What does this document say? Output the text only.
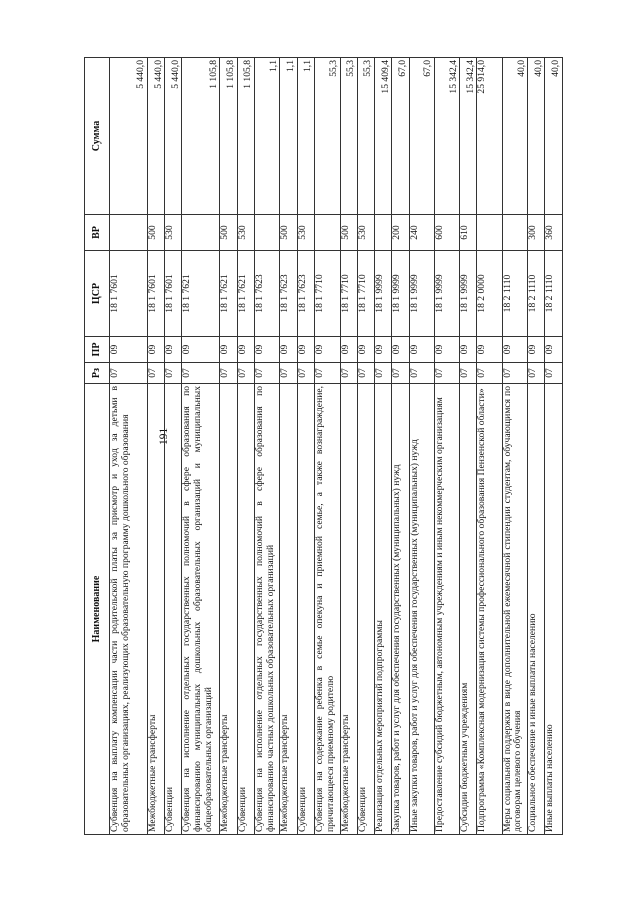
191
Наименование	Рз	ПР	ЦСР	ВР	Сумма
Субвенция на выплату компенсации части родительской платы за присмотр и уход за детьми в образовательных организациях, реализующих образовательную программу дошкольного образования	07	09	18 1 7601		5 440,0
Межбюджетные трансферты	07	09	18 1 7601	500	5 440,0
Субвенции	07	09	18 1 7601	530	5 440,0
Субвенция на исполнение отдельных государственных полномочий в сфере образования по финансированию муниципальных дошкольных образовательных организаций и муниципальных общеобразовательных организаций	07	09	18 1 7621		1 105,8
Межбюджетные трансферты	07	09	18 1 7621	500	1 105,8
Субвенции	07	09	18 1 7621	530	1 105,8
Субвенция на исполнение отдельных государственных полномочий в сфере образования по финансированию частных дошкольных образовательных организаций	07	09	18 1 7623		1,1
Межбюджетные трансферты	07	09	18 1 7623	500	1,1
Субвенции	07	09	18 1 7623	530	1,1
Субвенция на содержание ребенка в семье опекуна и приемной семье, а также вознаграждение, причитающееся приемному родителю	07	09	18 1 7710		55,3
Межбюджетные трансферты	07	09	18 1 7710	500	55,3
Субвенции	07	09	18 1 7710	530	55,3
Реализация отдельных мероприятий подпрограммы	07	09	18 1 9999		15 409,4
Закупка товаров, работ и услуг для обеспечения государственных (муниципальных) нужд	07	09	18 1 9999	200	67,0
Иные закупки товаров, работ и услуг для обеспечения государственных (муниципальных) нужд	07	09	18 1 9999	240	67,0
Предоставление субсидий бюджетным, автономным учреждениям и иным некоммерческим организациям	07	09	18 1 9999	600	15 342,4
Субсидии бюджетным учреждениям	07	09	18 1 9999	610	15 342,4
Подпрограмма «Комплексная модернизация системы профессионального образования Пензенской области»	07	09	18 2 0000		25 914,0
Меры социальной поддержки в виде дополнительной ежемесячной стипендии студентам, обучающимся по договорам целевого обучения	07	09	18 2 1110		40,0
Социальное обеспечение и иные выплаты населению	07	09	18 2 1110	300	40,0
Иные выплаты населению	07	09	18 2 1110	360	40,0
